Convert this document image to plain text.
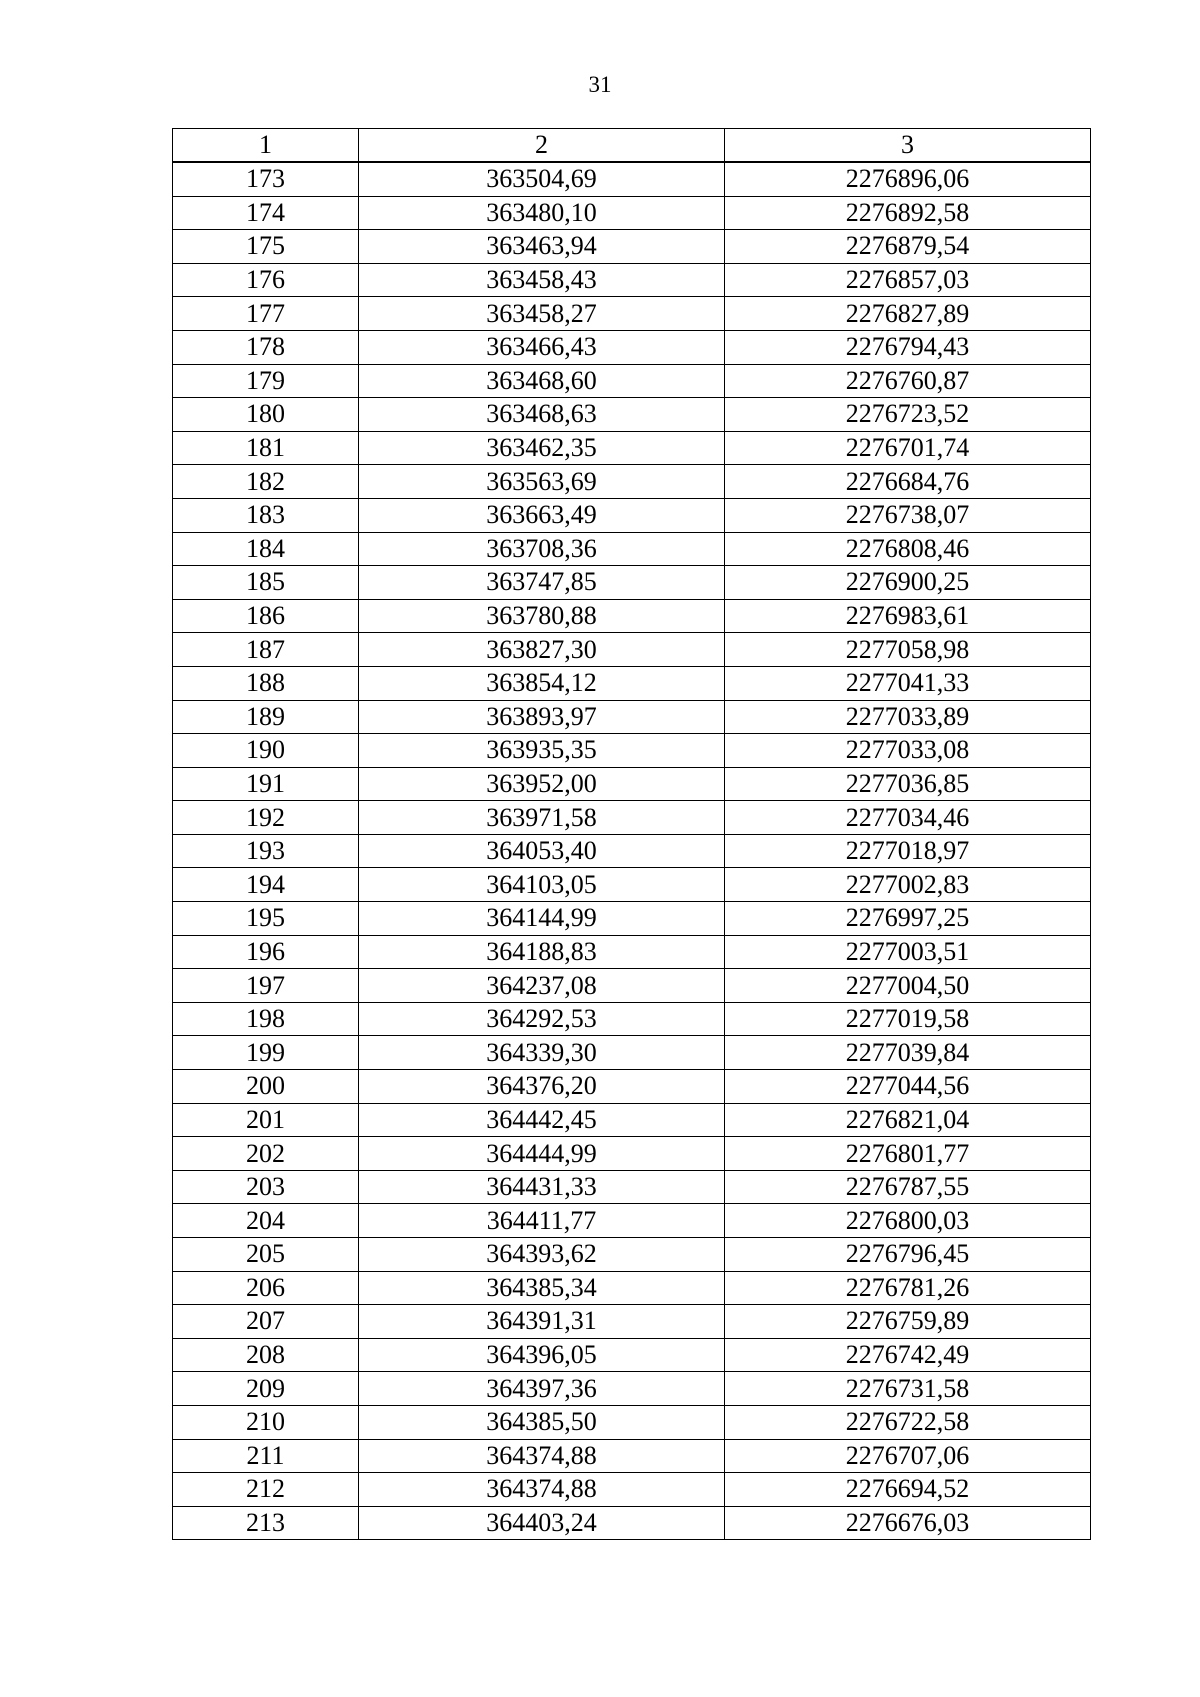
31
1	2	3
173	363504,69	2276896,06
174	363480,10	2276892,58
175	363463,94	2276879,54
176	363458,43	2276857,03
177	363458,27	2276827,89
178	363466,43	2276794,43
179	363468,60	2276760,87
180	363468,63	2276723,52
181	363462,35	2276701,74
182	363563,69	2276684,76
183	363663,49	2276738,07
184	363708,36	2276808,46
185	363747,85	2276900,25
186	363780,88	2276983,61
187	363827,30	2277058,98
188	363854,12	2277041,33
189	363893,97	2277033,89
190	363935,35	2277033,08
191	363952,00	2277036,85
192	363971,58	2277034,46
193	364053,40	2277018,97
194	364103,05	2277002,83
195	364144,99	2276997,25
196	364188,83	2277003,51
197	364237,08	2277004,50
198	364292,53	2277019,58
199	364339,30	2277039,84
200	364376,20	2277044,56
201	364442,45	2276821,04
202	364444,99	2276801,77
203	364431,33	2276787,55
204	364411,77	2276800,03
205	364393,62	2276796,45
206	364385,34	2276781,26
207	364391,31	2276759,89
208	364396,05	2276742,49
209	364397,36	2276731,58
210	364385,50	2276722,58
211	364374,88	2276707,06
212	364374,88	2276694,52
213	364403,24	2276676,03
